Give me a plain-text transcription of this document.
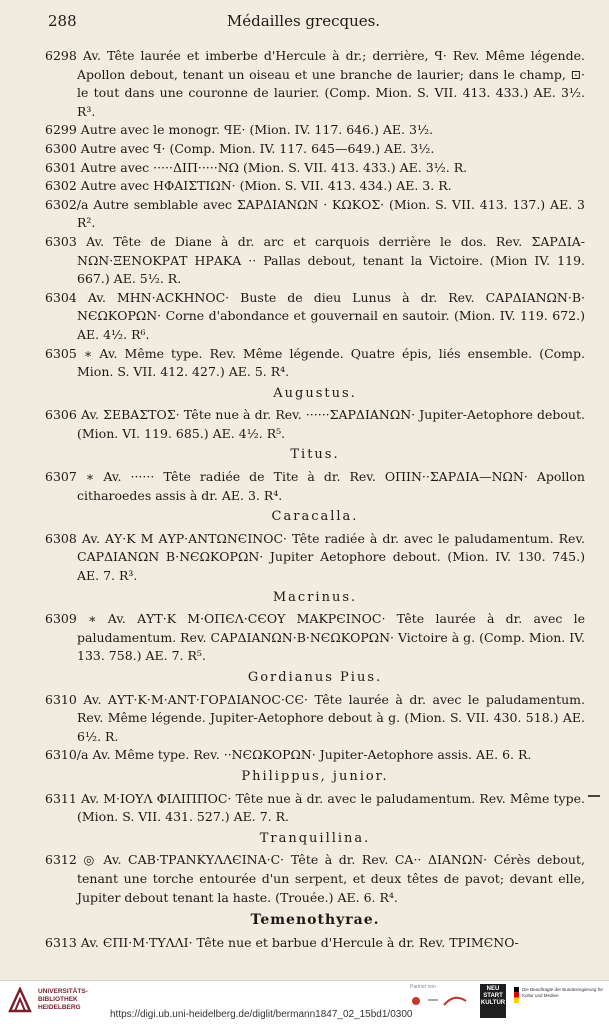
288	Médailles grecques.
6298 Av. Tête laurée et imberbe d'Hercule à dr.; derrière, ꟼ· Rev. Même légende. Apollon debout, tenant un oiseau et une branche de laurier; dans le champ, ⊡· le tout dans une couronne de laurier. (Comp. Mion. S. VII. 413. 433.) AE. 3½. R³.
6299 Autre avec le monogr. ꟼE· (Mion. IV. 117. 646.) AE. 3½.
6300 Autre avec ꟼ· (Comp. Mion. IV. 117. 645—649.) AE. 3½.
6301 Autre avec ·····ΔΙΠ·····ΝΩ (Mion. S. VII. 413. 433.) AE. 3½. R.
6302 Autre avec ΗΦΑΙΣΤΙΩΝ· (Mion. S. VII. 413. 434.) AE. 3. R.
6302/a Autre semblable avec ΣΑΡΔΙΑΝΩΝ · ΚΩΚΟΣ· (Mion. S. VII. 413. 137.) AE. 3 R².
6303 Av. Tête de Diane à dr. arc et carquois derrière le dos. Rev. ΣΑΡΔΙΑ-ΝΩΝ·ΞΕΝΟΚΡΑΤ ΗΡΑΚΑ ·· Pallas debout, tenant la Victoire. (Mion IV. 119. 667.) AE. 5½. R.
6304 Av. ΜΗΝ·ΑCΚΗΝΟC· Buste de dieu Lunus à dr. Rev. CΑΡΔΙΑΝΩΝ·Β· ΝЄΩΚΟΡΩΝ· Corne d'abondance et gouvernail en sautoir. (Mion. IV. 119. 672.) AE. 4½. R⁶.
6305 ∗ Av. Même type. Rev. Même légende. Quatre épis, liés ensemble. (Comp. Mion. S. VII. 412. 427.) AE. 5. R⁴.
Augustus.
6306 Av. ΣΕΒΑΣΤΟΣ· Tête nue à dr. Rev. ······ΣΑΡΔΙΑΝΩΝ· Jupiter-Aetophore debout. (Mion. VI. 119. 685.) AE. 4½. R⁵.
Titus.
6307 ∗ Av. ······ Tête radiée de Tite à dr. Rev. ΟΠΙΝ··ΣΑΡΔΙΑ—ΝΩΝ· Apollon citharoedes assis à dr. AE. 3. R⁴.
Caracalla.
6308 Av. ΑΥ·Κ Μ ΑΥΡ·ΑΝΤΩΝЄΙΝΟC· Tête radiée à dr. avec le paludamentum. Rev. CΑΡΔΙΑΝΩΝ Β·ΝЄΩΚΟΡΩΝ· Jupiter Aetophore debout. (Mion. IV. 130. 745.) AE. 7. R³.
Macrinus.
6309 ∗ Av. ΑΥΤ·Κ Μ·ΟΠЄΛ·CЄΟΥ ΜΑΚΡЄΙΝΟC· Tête laurée à dr. avec le paludamentum. Rev. CΑΡΔΙΑΝΩΝ·Β·ΝЄΩΚΟΡΩΝ· Victoire à g. (Comp. Mion. IV. 133. 758.) AE. 7. R⁵.
Gordianus Pius.
6310 Av. ΑΥΤ·Κ·Μ·ΑΝΤ·ΓΟΡΔΙΑΝΟC·CЄ· Tête laurée à dr. avec le paludamentum. Rev. Même légende. Jupiter-Aetophore debout à g. (Mion. S. VII. 430. 518.) AE. 6½. R.
6310/a Av. Même type. Rev. ··ΝЄΩΚΟΡΩΝ· Jupiter-Aetophore assis. AE. 6. R.
Philippus, junior.
6311 Av. Μ·ΙΟΥΛ ΦΙΛΙΠΠΟC· Tête nue à dr. avec le paludamentum. Rev. Même type. (Mion. S. VII. 431. 527.) AE. 7. R.
Tranquillina.
6312 ◎ Av. CΑΒ·ΤΡΑΝΚΥΛΛЄΙΝΑ·C· Tête à dr. Rev. CΑ·· ΔΙΑΝΩΝ· Cérès debout, tenant une torche entourée d'un serpent, et deux têtes de pavot; devant elle, Jupiter debout tenant la haste. (Trouée.) AE. 6. R⁴.
Temenothyrae.
6313 Av. ЄΠΙ·Μ·ΤΥΛΛΙ· Tête nue et barbue d'Hercule à dr. Rev. ΤΡΙΜЄΝΟ-
UNIVERSITÄTS-
BIBLIOTHEK
HEIDELBERG
https://digi.ub.uni-heidelberg.de/diglit/bermann1847_02_15bd1/0300
Partner von	NEU
START
KULTUR
Die Beauftragte der Bundesregierung für Kultur und Medien
